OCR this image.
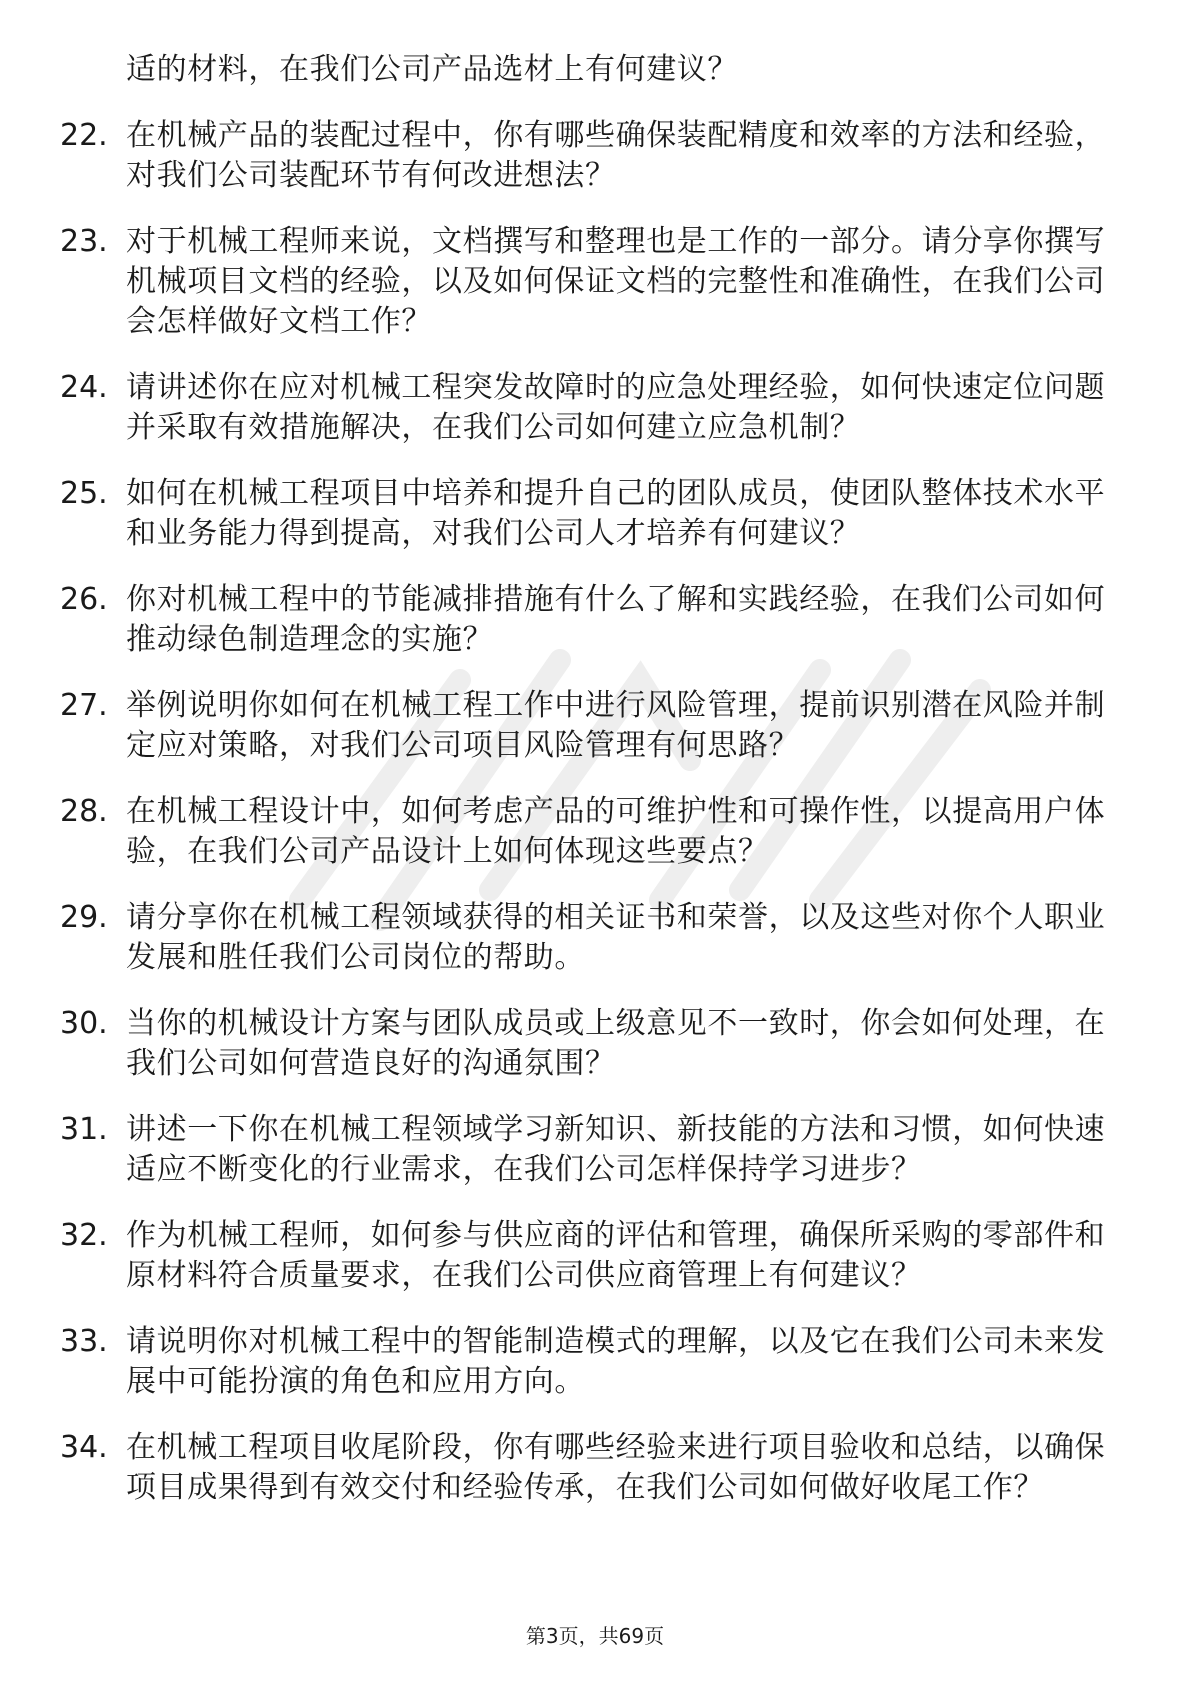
适的材料，在我们公司产品选材上有何建议？
22. 在机械产品的装配过程中，你有哪些确保装配精度和效率的方法和经验，对我们公司装配环节有何改进想法？
23. 对于机械工程师来说，文档撰写和整理也是工作的一部分。请分享你撰写机械项目文档的经验，以及如何保证文档的完整性和准确性，在我们公司会怎样做好文档工作？
24. 请讲述你在应对机械工程突发故障时的应急处理经验，如何快速定位问题并采取有效措施解决，在我们公司如何建立应急机制？
25. 如何在机械工程项目中培养和提升自己的团队成员，使团队整体技术水平和业务能力得到提高，对我们公司人才培养有何建议？
26. 你对机械工程中的节能减排措施有什么了解和实践经验，在我们公司如何推动绿色制造理念的实施？
27. 举例说明你如何在机械工程工作中进行风险管理，提前识别潜在风险并制定应对策略，对我们公司项目风险管理有何思路？
28. 在机械工程设计中，如何考虑产品的可维护性和可操作性，以提高用户体验，在我们公司产品设计上如何体现这些要点？
29. 请分享你在机械工程领域获得的相关证书和荣誉，以及这些对你个人职业发展和胜任我们公司岗位的帮助。
30. 当你的机械设计方案与团队成员或上级意见不一致时，你会如何处理，在我们公司如何营造良好的沟通氛围？
31. 讲述一下你在机械工程领域学习新知识、新技能的方法和习惯，如何快速适应不断变化的行业需求，在我们公司怎样保持学习进步？
32. 作为机械工程师，如何参与供应商的评估和管理，确保所采购的零部件和原材料符合质量要求，在我们公司供应商管理上有何建议？
33. 请说明你对机械工程中的智能制造模式的理解，以及它在我们公司未来发展中可能扮演的角色和应用方向。
34. 在机械工程项目收尾阶段，你有哪些经验来进行项目验收和总结，以确保项目成果得到有效交付和经验传承，在我们公司如何做好收尾工作？
第3页，共69页
